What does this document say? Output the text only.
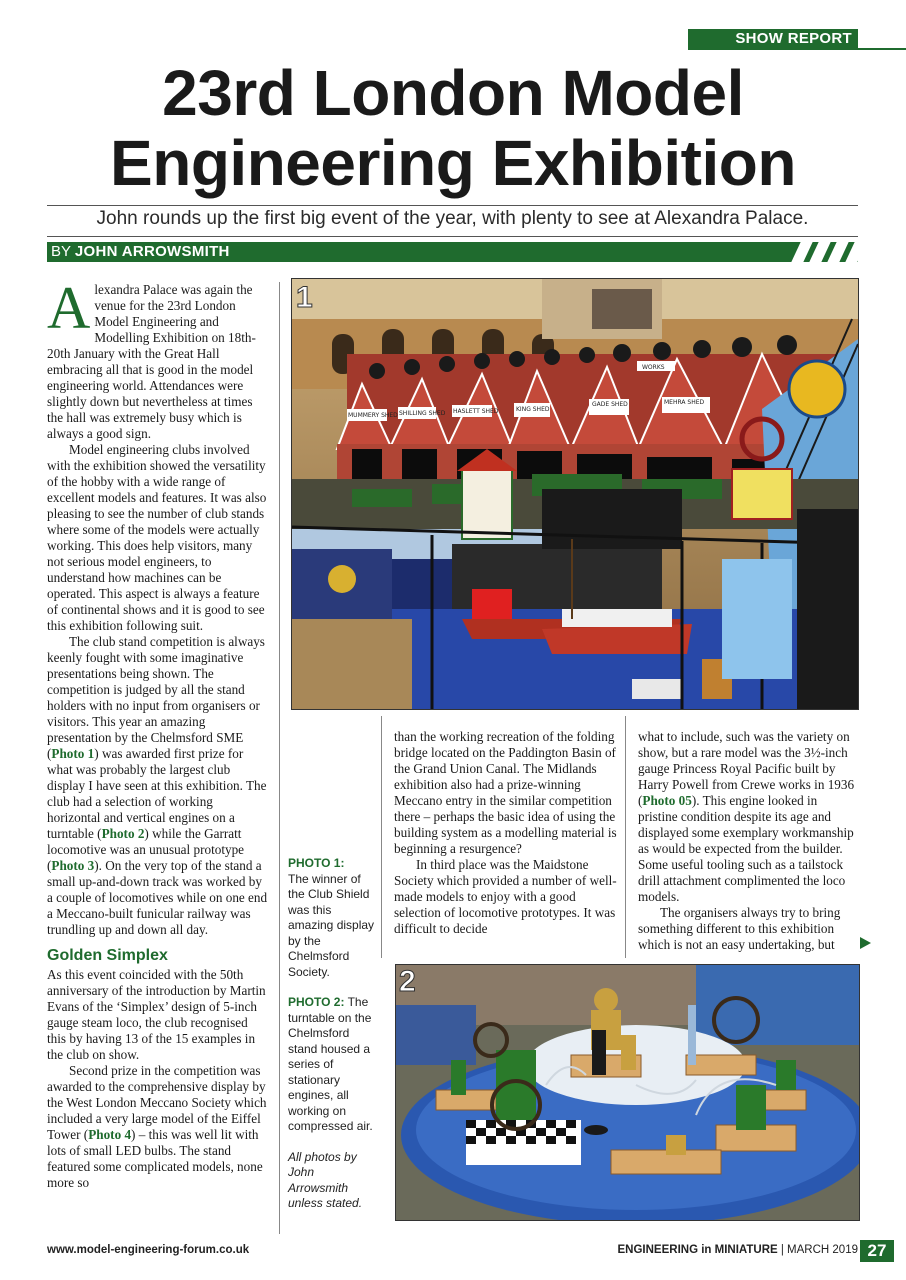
SHOW REPORT
23rd London Model
Engineering Exhibition
John rounds up the first big event of the year, with plenty to see at Alexandra Palace.
BY JOHN ARROWSMITH

Alexandra Palace was again the venue for the 23rd London Model Engineering and Modelling Exhibition on 18th-20th January with the Great Hall embracing all that is good in the model engineering world. Attendances were slightly down but nevertheless at times the hall was extremely busy which is always a good sign.

Model engineering clubs involved with the exhibition showed the versatility of the hobby with a wide range of excellent models and features. It was also pleasing to see the number of club stands where some of the models were actually working. This does help visitors, many not serious model engineers, to understand how machines can be operated. This aspect is always a feature of continental shows and it is good to see this exhibition following suit.

The club stand competition is always keenly fought with some imaginative presentations being shown. The competition is judged by all the stand holders with no input from organisers or visitors. This year an amazing presentation by the Chelmsford SME (Photo 1) was awarded first prize for what was probably the largest club display I have seen at this exhibition. The club had a selection of working horizontal and vertical engines on a turntable (Photo 2) while the Garratt locomotive was an unusual prototype (Photo 3). On the very top of the stand a small up-and-down track was worked by a couple of locomotives while on one end a Meccano-built funicular railway was trundling up and down all day.

Golden Simplex

As this event coincided with the 50th anniversary of the introduction by Martin Evans of the ‘Simplex’ design of 5-inch gauge steam loco, the club recognised this by having 13 of the 15 examples in the club on show.

Second prize in the competition was awarded to the comprehensive display by the West London Meccano Society which included a very large model of the Eiffel Tower (Photo 4) – this was well lit with lots of small LED bulbs. The stand featured some complicated models, none more so

WORKS
GADE SHED	MEHRA SHED
KING SHED
HASLETT SHED
SHILLING SHED
MUMMERY SHED
1
PHOTO 1:
The winner of the Club Shield was this amazing display by the Chelmsford Society.
PHOTO 2: The turntable on the Chelmsford stand housed a series of stationary engines, all working on compressed air.
All photos by John Arrowsmith unless stated.

than the working recreation of the folding bridge located on the Paddington Basin of the Grand Union Canal. The Midlands exhibition also had a prize-winning Meccano entry in the similar competition there – perhaps the basic idea of using the building system as a modelling material is beginning a resurgence?

In third place was the Maidstone Society which provided a number of well-made models to enjoy with a good selection of locomotive prototypes. It was difficult to decide

what to include, such was the variety on show, but a rare model was the 3½-inch gauge Princess Royal Pacific built by Harry Powell from Crewe works in 1936 (Photo 05). This engine looked in pristine condition despite its age and displayed some exemplary workmanship as would be expected from the builder. Some useful tooling such as a tailstock drill attachment complimented the loco models.

The organisers always try to bring something different to this exhibition which is not an easy undertaking, but

2
www.model-engineering-forum.co.uk	ENGINEERING in MINIATURE | MARCH 2019 27
